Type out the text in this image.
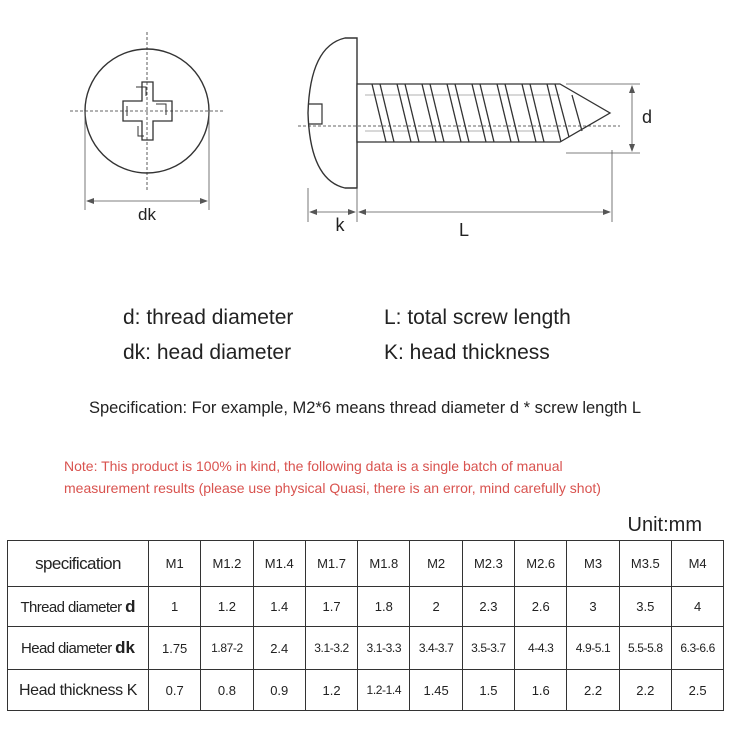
dk
d
k	L
d: thread diameter
dk: head diameter
L: total screw length
K: head thickness
Specification: For example, M2*6 means thread diameter d * screw length L
Note: This product is 100% in kind, the following data is a single batch of manual
measurement results (please use physical Quasi, there is an error, mind carefully shot)
Unit:mm
specification	M1	M1.2	M1.4	M1.7	M1.8	M2	M2.3	M2.6	M3	M3.5	M4
Thread diameter d	1	1.2	1.4	1.7	1.8	2	2.3	2.6	3	3.5	4
Head diameter dk	1.75	1.87-2	2.4	3.1-3.2	3.1-3.3	3.4-3.7	3.5-3.7	4-4.3	4.9-5.1	5.5-5.8	6.3-6.6
Head thickness K	0.7	0.8	0.9	1.2	1.2-1.4	1.45	1.5	1.6	2.2	2.2	2.5
